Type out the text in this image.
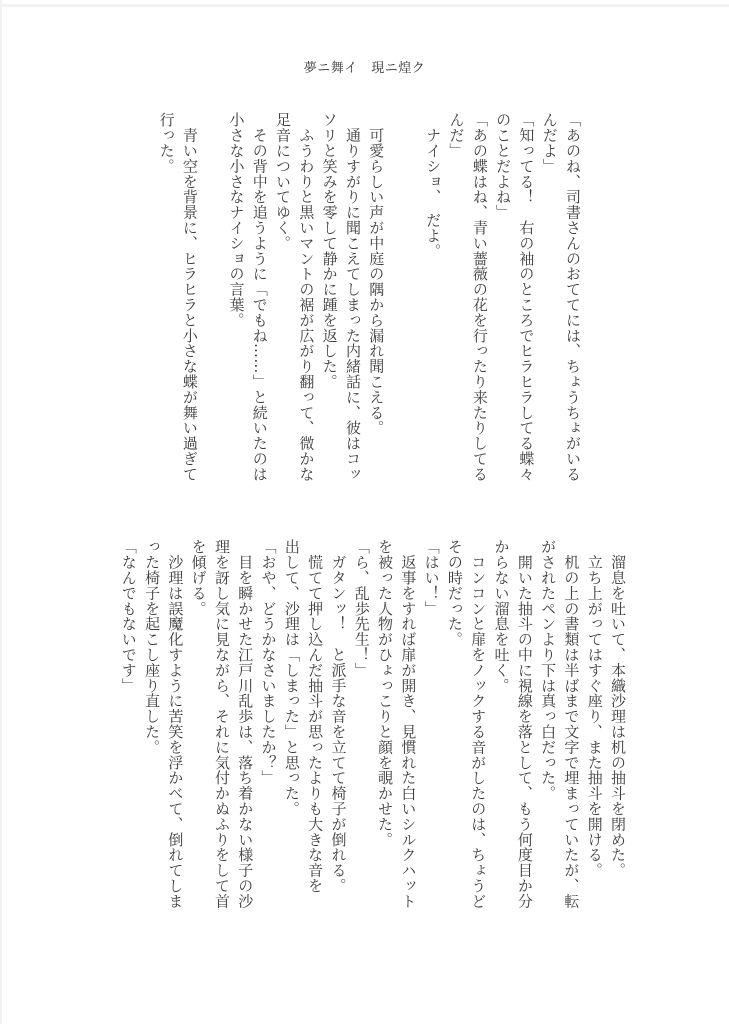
夢ニ舞イ　現ニ煌ク
「あのね、司書さんのおててには、ちょうちょがいる
んだよ」
「知ってる！　右の袖のところでヒラヒラしてる蝶々
のことだよね」
「あの蝶はね、青い薔薇の花を行ったり来たりしてる
んだ」
　ナイショ、　だよ。
　可愛らしい声が中庭の隅から漏れ聞こえる。
　通りすがりに聞こえてしまった内緒話に、彼はコッ
ソリと笑みを零して静かに踵を返した。
　ふうわりと黒いマントの裾が広がり翻って、微かな
足音についてゆく。
　その背中を追うように「でもね……」と続いたのは
小さな小さなナイショの言葉。
　青い空を背景に、ヒラヒラと小さな蝶が舞い過ぎて
行った。
　溜息を吐いて、本織沙理は机の抽斗を閉めた。
　立ち上がってはすぐ座り、また抽斗を開ける。
　机の上の書類は半ばまで文字で埋まっていたが、転
がされたペンより下は真っ白だった。
　開いた抽斗の中に視線を落として、もう何度目か分
からない溜息を吐く。
　コンコンと扉をノックする音がしたのは、ちょうど
その時だった。
「はい！」
　返事をすれば扉が開き、見慣れた白いシルクハット
を被った人物がひょっこりと顔を覗かせた。
「ら、乱歩先生！」
　ガタンッ！　と派手な音を立てて椅子が倒れる。
　慌てて押し込んだ抽斗が思ったよりも大きな音を
出して、沙理は「しまった」と思った。
「おや、どうかなさいましたか？」
　目を瞬かせた江戸川乱歩は、落ち着かない様子の沙
理を訝し気に見ながら、それに気付かぬふりをして首
を傾げる。
　沙理は誤魔化すように苦笑を浮かべて、倒れてしま
った椅子を起こし座り直した。
「なんでもないです」
